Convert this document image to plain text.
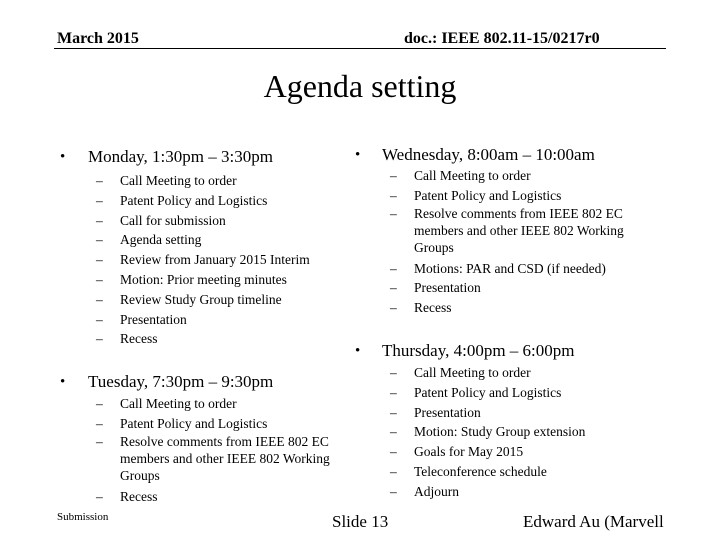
March 2015	doc.: IEEE 802.11-15/0217r0
Agenda setting
• Monday, 1:30pm – 3:30pm
– Call Meeting to order
– Patent Policy and Logistics
– Call for submission
– Agenda setting
– Review from January 2015 Interim
– Motion: Prior meeting minutes
– Review Study Group timeline
– Presentation
– Recess
• Tuesday, 7:30pm – 9:30pm
– Call Meeting to order
– Patent Policy and Logistics
– Resolve comments from IEEE 802 EC members and other IEEE 802 Working Groups
– Recess
• Wednesday, 8:00am – 10:00am
– Call Meeting to order
– Patent Policy and Logistics
– Resolve comments from IEEE 802 EC members and other IEEE 802 Working Groups
– Motions: PAR and CSD (if needed)
– Presentation
– Recess
• Thursday, 4:00pm – 6:00pm
– Call Meeting to order
– Patent Policy and Logistics
– Presentation
– Motion: Study Group extension
– Goals for May 2015
– Teleconference schedule
– Adjourn
Submission	Slide 13	Edward Au (Marvell
